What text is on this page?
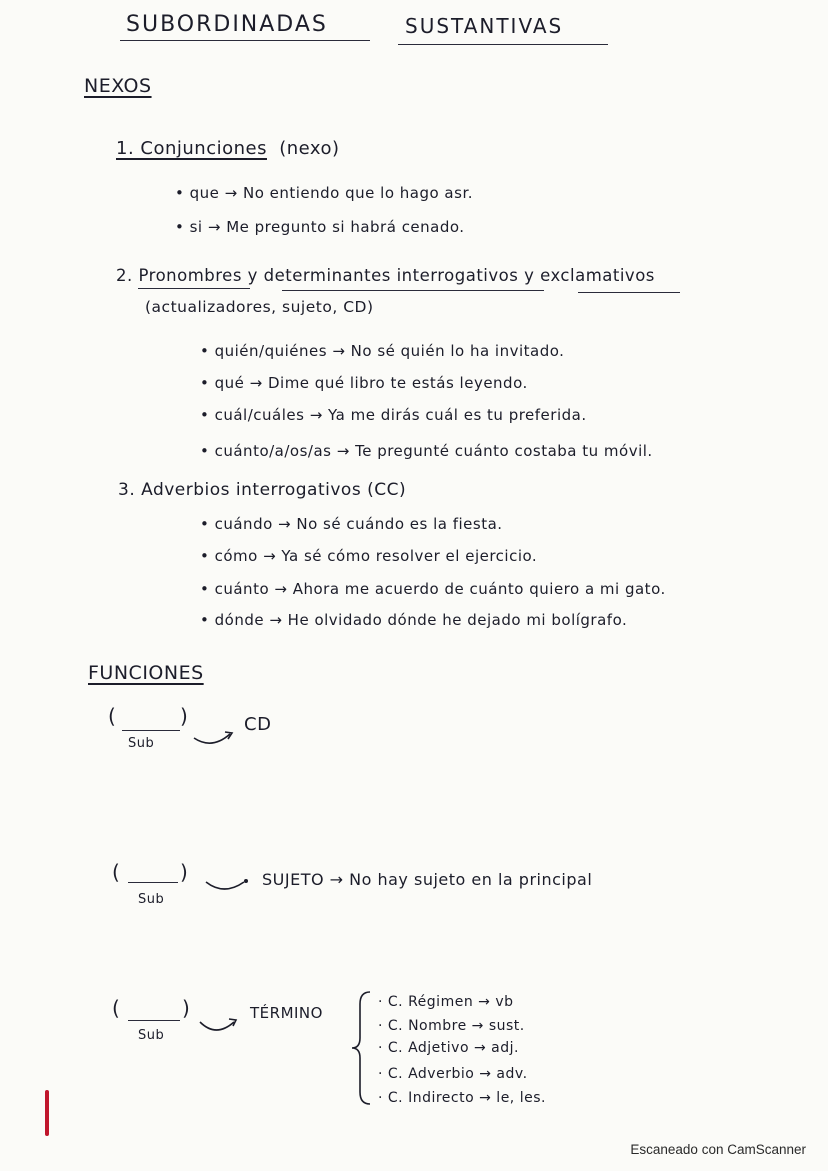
SUBORDINADAS	SUSTANTIVAS
NEXOS
1. Conjunciones (nexo)
• que → No entiendo que lo hago asr.
• si → Me pregunto si habrá cenado.
2. Pronombres y determinantes interrogativos y exclamativos
(actualizadores, sujeto, CD)
• quién/quiénes → No sé quién lo ha invitado.
• qué → Dime qué libro te estás leyendo.
• cuál/cuáles → Ya me dirás cuál es tu preferida.
• cuánto/a/os/as → Te pregunté cuánto costaba tu móvil.
3. Adverbios interrogativos (CC)
• cuándo → No sé cuándo es la fiesta.
• cómo → Ya sé cómo resolver el ejercicio.
• cuánto → Ahora me acuerdo de cuánto quiero a mi gato.
• dónde → He olvidado dónde he dejado mi bolígrafo.
FUNCIONES
(	)
Sub
CD
(	)
Sub
SUJETO → No hay sujeto en la principal
(	)
Sub
TÉRMINO
· C. Régimen → vb
· C. Nombre → sust.
· C. Adjetivo → adj.
· C. Adverbio → adv.
· C. Indirecto → le, les.
Escaneado con CamScanner
